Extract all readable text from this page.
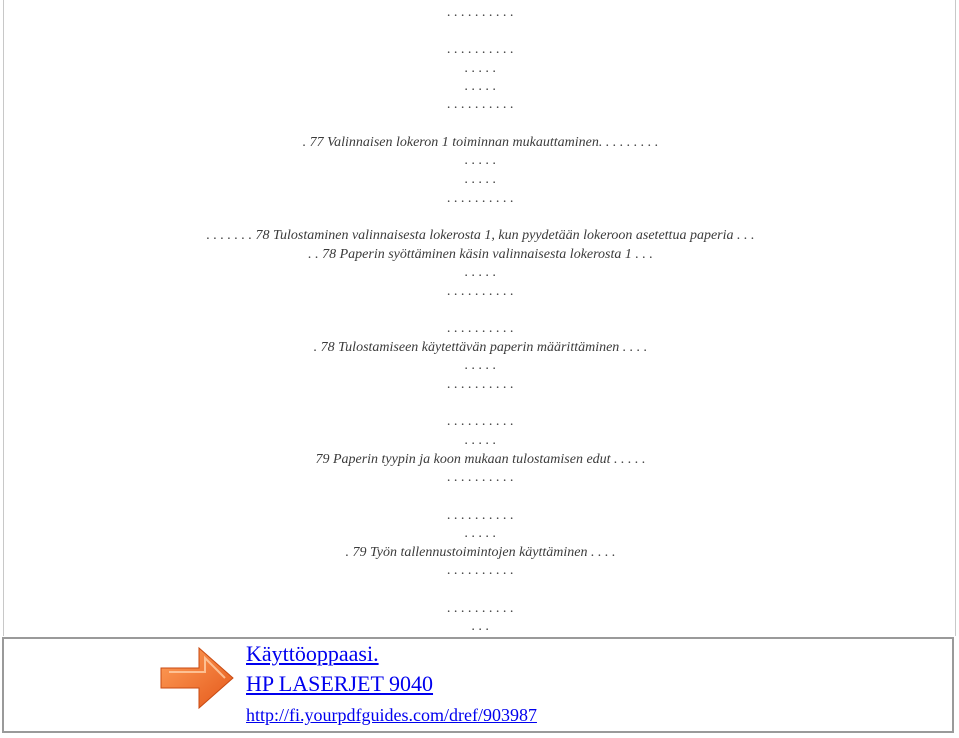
. . . . . . . . . .
. . . . . . . . . .
. . . . .
. . . . .
. . . . . . . . . .
. 77 Valinnaisen lokeron 1 toiminnan mukauttaminen. . . . . . . . .
. . . . .
. . . . .
. . . . . . . . . .
. . . . . . . 78 Tulostaminen valinnaisesta lokerosta 1, kun pyydetään lokeroon asetettua paperia . . .
. . 78 Paperin syöttäminen käsin valinnaisesta lokerosta 1 . . .
. . . . .
. . . . . . . . . .
. . . . . . . . . .
. 78 Tulostamiseen käytettävän paperin määrittäminen . . . .
. . . . .
. . . . . . . . . .
. . . . . . . . . .
. . . . .
79 Paperin tyypin ja koon mukaan tulostamisen edut . . . . .
. . . . . . . . . .
. . . . . . . . . .
. . . . .
. 79 Työn tallennustoimintojen käyttäminen . . . .
. . . . . . . . . .
. . . . . . . . . .
. . .
Käyttöoppaasi.
HP LASERJET 9040
http://fi.yourpdfguides.com/dref/903987
